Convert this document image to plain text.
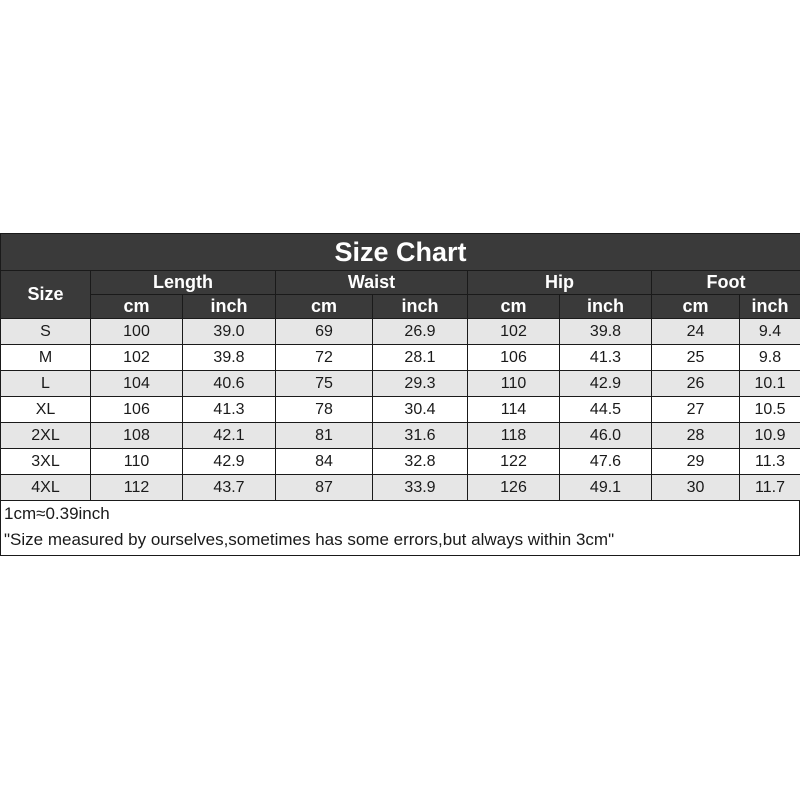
Size Chart								
Size	Length		Waist		Hip		Foot	
	cm	inch	cm	inch	cm	inch	cm	inch
S	100	39.0	69	26.9	102	39.8	24	9.4
M	102	39.8	72	28.1	106	41.3	25	9.8
L	104	40.6	75	29.3	110	42.9	26	10.1
XL	106	41.3	78	30.4	114	44.5	27	10.5
2XL	108	42.1	81	31.6	118	46.0	28	10.9
3XL	110	42.9	84	32.8	122	47.6	29	11.3
4XL	112	43.7	87	33.9	126	49.1	30	11.7
1cm≈0.39inch
"Size measured by ourselves,sometimes has some errors,but always within 3cm"
